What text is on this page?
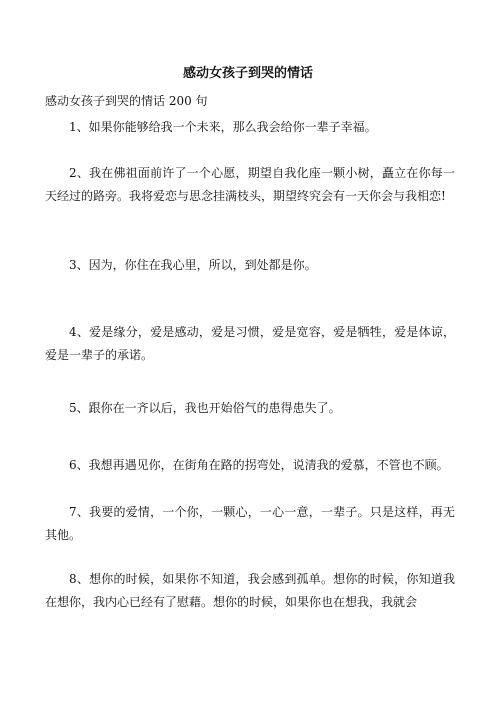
感动女孩子到哭的情话
感动女孩子到哭的情话 200 句
1、如果你能够给我一个未来，那么我会给你一辈子幸福。
2、我在佛祖面前许了一个心愿，期望自我化座一颗小树，矗立在你每一天经过的路旁。我将爱恋与思念挂满枝头，期望终究会有一天你会与我相恋!
3、因为，你住在我心里，所以，到处都是你。
4、爱是缘分，爱是感动，爱是习惯，爱是宽容，爱是牺牲，爱是体谅，爱是一辈子的承诺。
5、跟你在一齐以后，我也开始俗气的患得患失了。
6、我想再遇见你，在街角在路的拐弯处，说清我的爱慕，不管也不顾。
7、我要的爱情，一个你，一颗心，一心一意，一辈子。只是这样，再无其他。
8、想你的时候，如果你不知道，我会感到孤单。想你的时候，你知道我在想你，我内心已经有了慰藉。想你的时候，如果你也在想我，我就会
